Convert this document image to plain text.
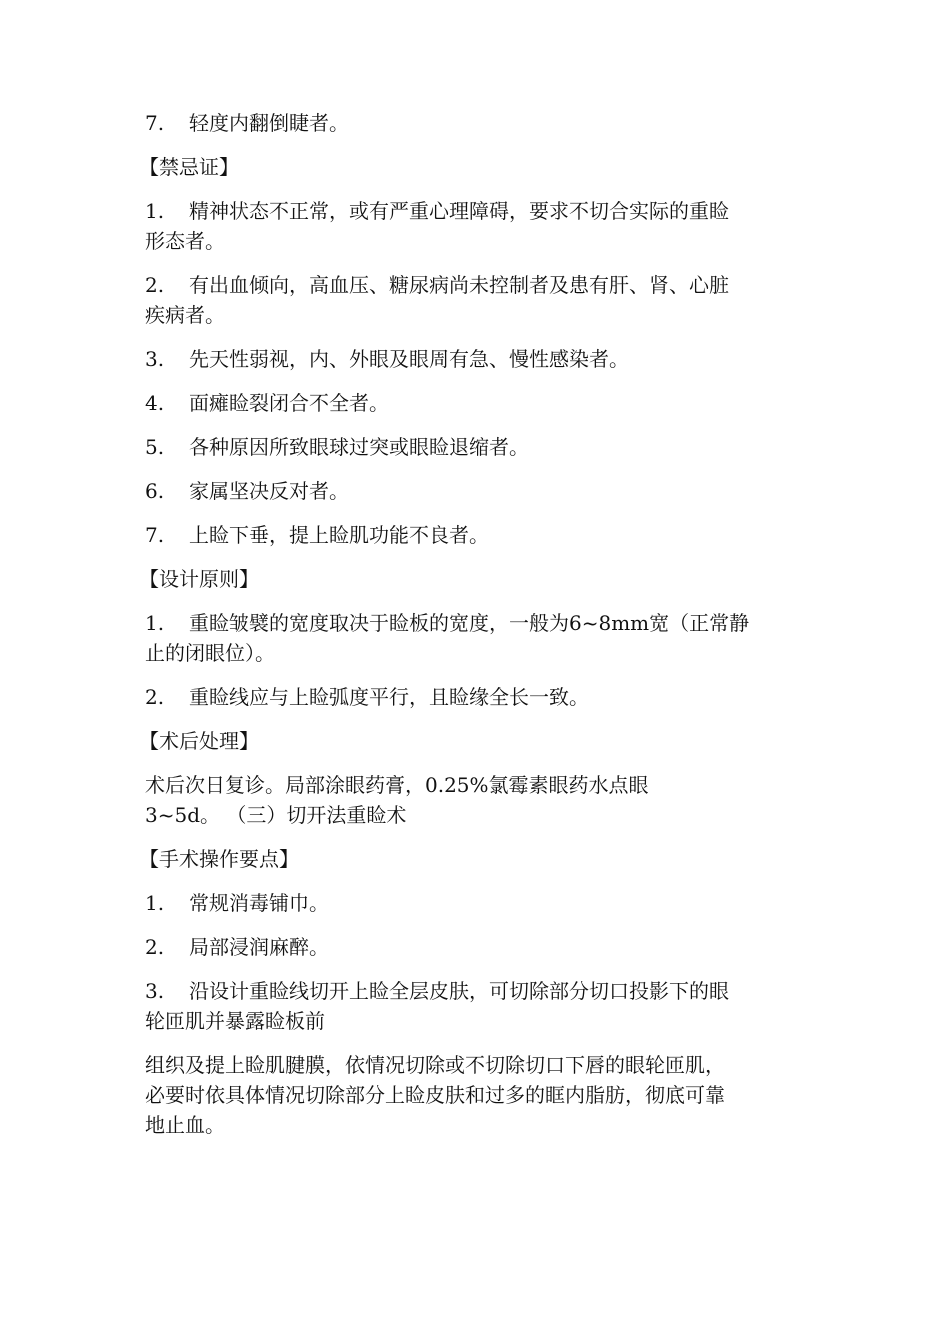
7. 轻度内翻倒睫者。
【禁忌证】
1. 精神状态不正常，或有严重心理障碍，要求不切合实际的重睑
形态者。
2. 有出血倾向，高血压、糖尿病尚未控制者及患有肝、肾、心脏
疾病者。
3. 先天性弱视，内、外眼及眼周有急、慢性感染者。
4. 面瘫睑裂闭合不全者。
5. 各种原因所致眼球过突或眼睑退缩者。
6. 家属坚决反对者。
7. 上睑下垂，提上睑肌功能不良者。
【设计原则】
1. 重睑皱襞的宽度取决于睑板的宽度，一般为6~8mm宽（正常静
止的闭眼位）。
2. 重睑线应与上睑弧度平行，且睑缘全长一致。
【术后处理】
术后次日复诊。局部涂眼药膏，0.25%氯霉素眼药水点眼
3~5d。 （三）切开法重睑术
【手术操作要点】
1. 常规消毒铺巾。
2. 局部浸润麻醉。
3. 沿设计重睑线切开上睑全层皮肤，可切除部分切口投影下的眼
轮匝肌并暴露睑板前
组织及提上睑肌腱膜，依情况切除或不切除切口下唇的眼轮匝肌，
必要时依具体情况切除部分上睑皮肤和过多的眶内脂肪，彻底可靠
地止血。
